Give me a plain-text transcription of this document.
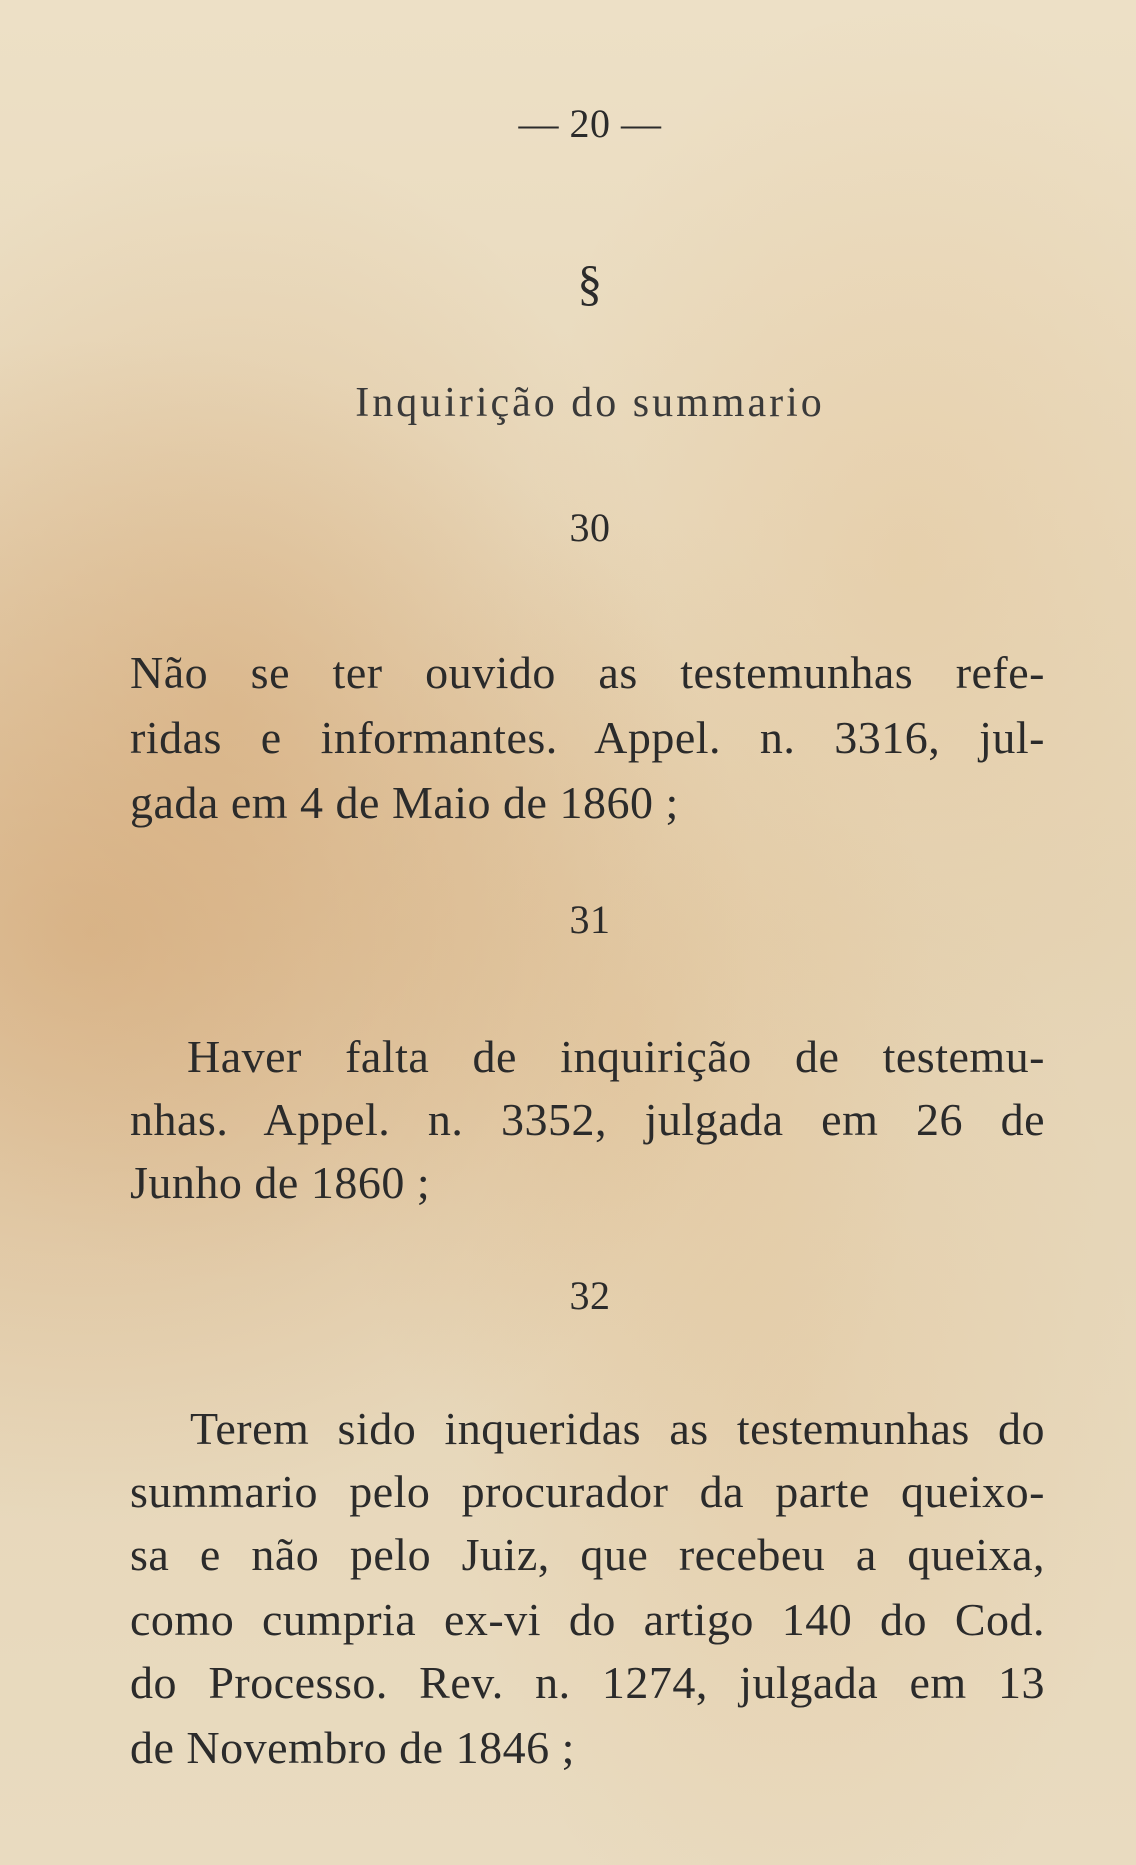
— 20 —
§
Inquirição do summario
30
Não se ter ouvido as testemunhas refe-
ridas e informantes. Appel. n. 3316, jul-
gada em 4 de Maio de 1860 ;
31
Haver falta de inquirição de testemu-
nhas. Appel. n. 3352, julgada em 26 de
Junho de 1860 ;
32
Terem sido inqueridas as testemunhas do
summario pelo procurador da parte queixo-
sa e não pelo Juiz, que recebeu a queixa,
como cumpria ex-vi do artigo 140 do Cod.
do Processo. Rev. n. 1274, julgada em 13
de Novembro de 1846 ;
